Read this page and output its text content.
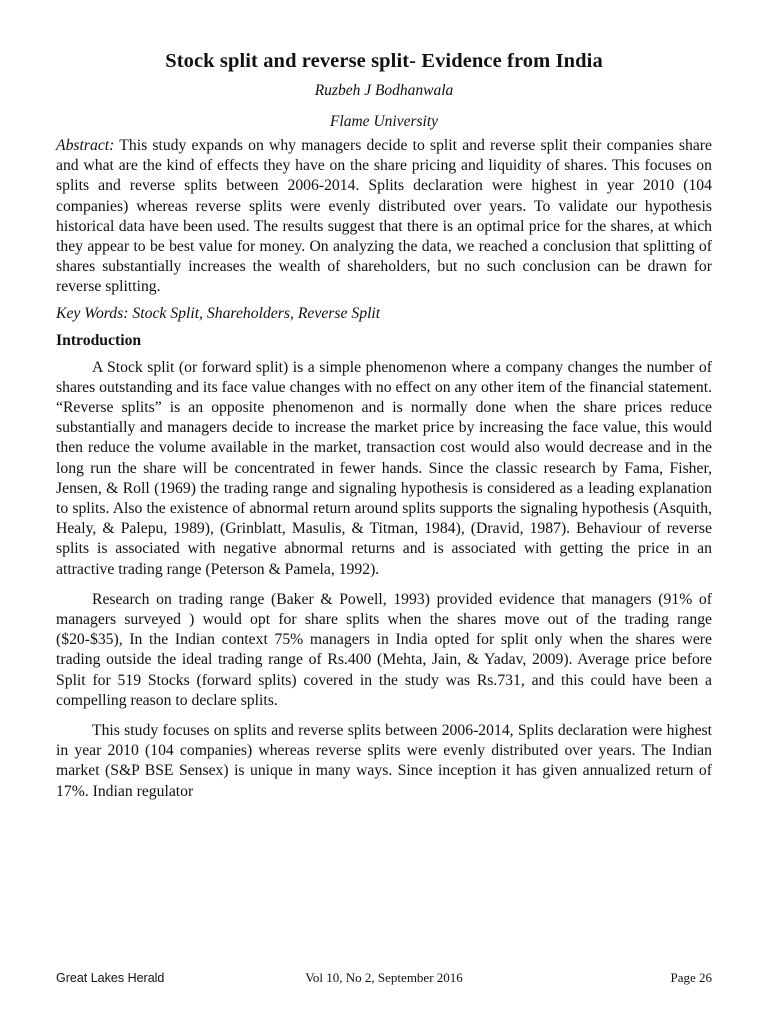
Stock split and reverse split- Evidence from India
Ruzbeh J Bodhanwala
Flame University

Abstract: This study expands on why managers decide to split and reverse split their companies share and what are the kind of effects they have on the share pricing and liquidity of shares. This focuses on splits and reverse splits between 2006-2014. Splits declaration were highest in year 2010 (104 companies) whereas reverse splits were evenly distributed over years. To validate our hypothesis historical data have been used. The results suggest that there is an optimal price for the shares, at which they appear to be best value for money. On analyzing the data, we reached a conclusion that splitting of shares substantially increases the wealth of shareholders, but no such conclusion can be drawn for reverse splitting.

Key Words: Stock Split, Shareholders, Reverse Split
Introduction

A Stock split (or forward split) is a simple phenomenon where a company changes the number of shares outstanding and its face value changes with no effect on any other item of the financial statement. “Reverse splits” is an opposite phenomenon and is normally done when the share prices reduce substantially and managers decide to increase the market price by increasing the face value, this would then reduce the volume available in the market, transaction cost would also would decrease and in the long run the share will be concentrated in fewer hands. Since the classic research by Fama, Fisher, Jensen, & Roll (1969) the trading range and signaling hypothesis is considered as a leading explanation to splits. Also the existence of abnormal return around splits supports the signaling hypothesis (Asquith, Healy, & Palepu, 1989), (Grinblatt, Masulis, & Titman, 1984), (Dravid, 1987). Behaviour of reverse splits is associated with negative abnormal returns and is associated with getting the price in an attractive trading range (Peterson & Pamela, 1992).

Research on trading range (Baker & Powell, 1993) provided evidence that managers (91% of managers surveyed ) would opt for share splits when the shares move out of the trading range ($20-$35), In the Indian context 75% managers in India opted for split only when the shares were trading outside the ideal trading range of Rs.400 (Mehta, Jain, & Yadav, 2009). Average price before Split for 519 Stocks (forward splits) covered in the study was Rs.731, and this could have been a compelling reason to declare splits.

This study focuses on splits and reverse splits between 2006-2014, Splits declaration were highest in year 2010 (104 companies) whereas reverse splits were evenly distributed over years. The Indian market (S&P BSE Sensex) is unique in many ways. Since inception it has given annualized return of 17%. Indian regulator

Great Lakes Herald	Vol 10, No 2, September 2016	Page 26
